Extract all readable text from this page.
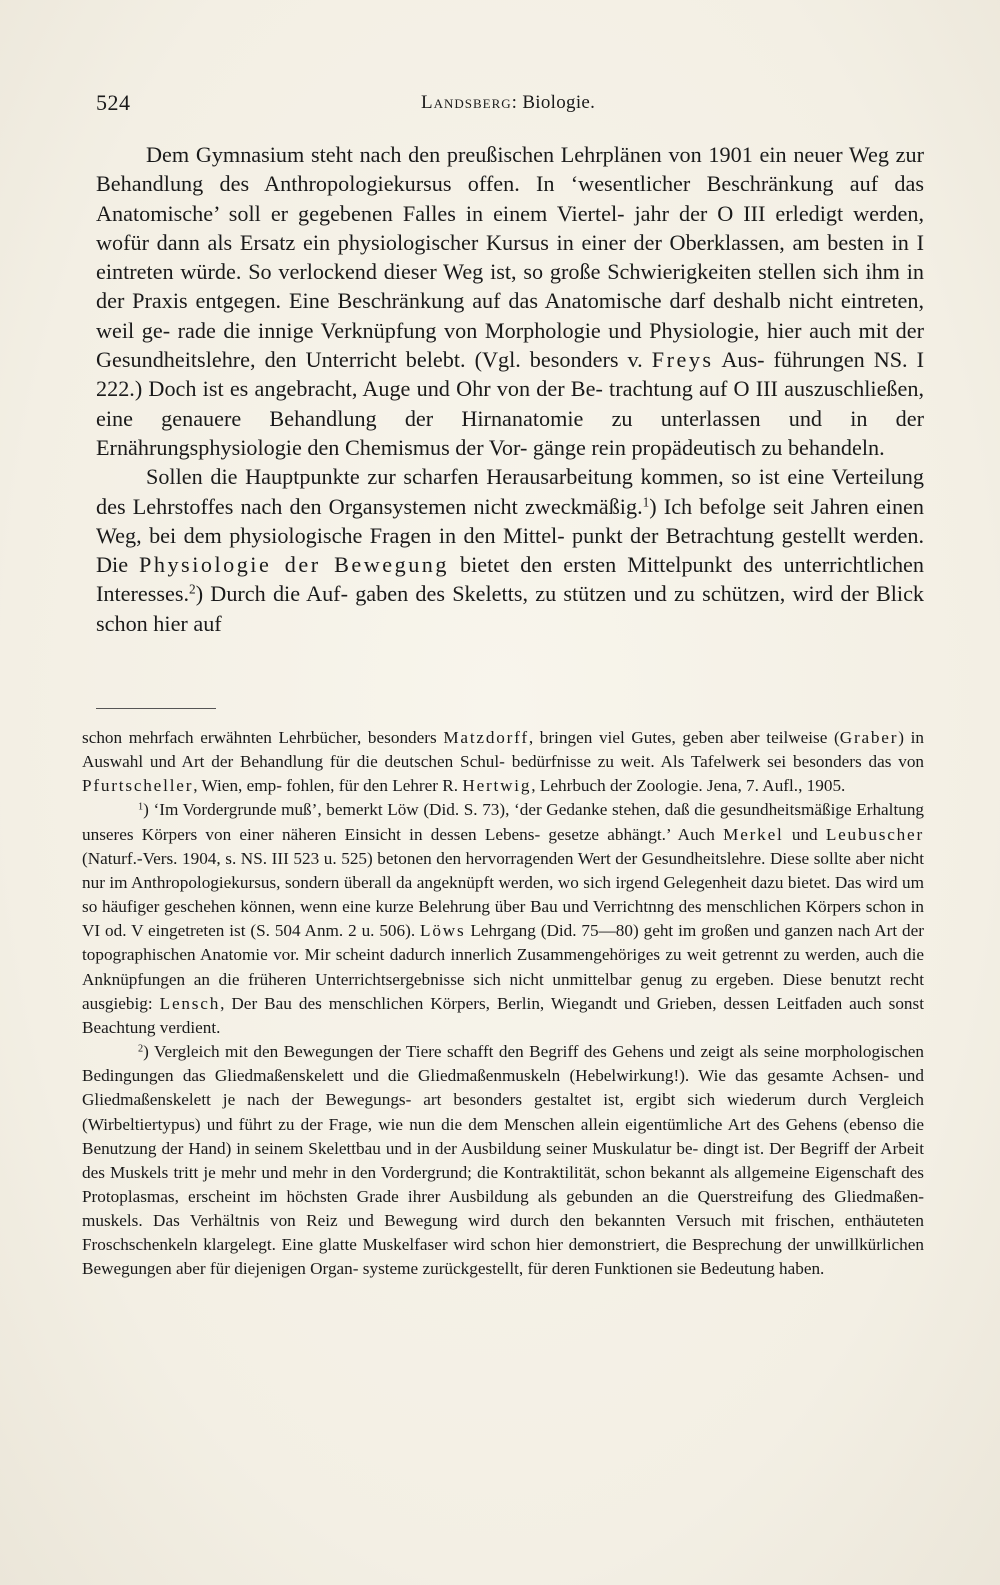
524	Landsberg: Biologie.

Dem Gymnasium steht nach den preußischen Lehrplänen von 1901 ein neuer Weg zur Behandlung des Anthropologiekursus offen. In ‘wesentlicher Beschränkung auf das Anatomische’ soll er gegebenen Falles in einem Viertel- jahr der O III erledigt werden, wofür dann als Ersatz ein physiologischer Kursus in einer der Oberklassen, am besten in I eintreten würde. So verlockend dieser Weg ist, so große Schwierigkeiten stellen sich ihm in der Praxis entgegen. Eine Beschränkung auf das Anatomische darf deshalb nicht eintreten, weil ge- rade die innige Verknüpfung von Morphologie und Physiologie, hier auch mit der Gesundheitslehre, den Unterricht belebt. (Vgl. besonders v. Freys Aus- führungen NS. I 222.) Doch ist es angebracht, Auge und Ohr von der Be- trachtung auf O III auszuschließen, eine genauere Behandlung der Hirnanatomie zu unterlassen und in der Ernährungsphysiologie den Chemismus der Vor- gänge rein propädeutisch zu behandeln.

Sollen die Hauptpunkte zur scharfen Herausarbeitung kommen, so ist eine Verteilung des Lehrstoffes nach den Organsystemen nicht zweckmäßig.$^1$) Ich befolge seit Jahren einen Weg, bei dem physiologische Fragen in den Mittel- punkt der Betrachtung gestellt werden. Die Physiologie der Bewegung bietet den ersten Mittelpunkt des unterrichtlichen Interesses.$^2$) Durch die Auf- gaben des Skeletts, zu stützen und zu schützen, wird der Blick schon hier auf

schon mehrfach erwähnten Lehrbücher, besonders Matzdorff, bringen viel Gutes, geben aber teilweise (Graber) in Auswahl und Art der Behandlung für die deutschen Schul- bedürfnisse zu weit. Als Tafelwerk sei besonders das von Pfurtscheller, Wien, emp- fohlen, für den Lehrer R. Hertwig, Lehrbuch der Zoologie. Jena, 7. Aufl., 1905.

$^1$) ‘Im Vordergrunde muß’, bemerkt Löw (Did. S. 73), ‘der Gedanke stehen, daß die gesundheitsmäßige Erhaltung unseres Körpers von einer näheren Einsicht in dessen Lebens- gesetze abhängt.’ Auch Merkel und Leubuscher (Naturf.-Vers. 1904, s. NS. III 523 u. 525) betonen den hervorragenden Wert der Gesundheitslehre. Diese sollte aber nicht nur im Anthropologiekursus, sondern überall da angeknüpft werden, wo sich irgend Gelegenheit dazu bietet. Das wird um so häufiger geschehen können, wenn eine kurze Belehrung über Bau und Verrichtnng des menschlichen Körpers schon in VI od. V eingetreten ist (S. 504 Anm. 2 u. 506). Löws Lehrgang (Did. 75—80) geht im großen und ganzen nach Art der topographischen Anatomie vor. Mir scheint dadurch innerlich Zusammengehöriges zu weit getrennt zu werden, auch die Anknüpfungen an die früheren Unterrichtsergebnisse sich nicht unmittelbar genug zu ergeben. Diese benutzt recht ausgiebig: Lensch, Der Bau des menschlichen Körpers, Berlin, Wiegandt und Grieben, dessen Leitfaden auch sonst Beachtung verdient.

$^2$) Vergleich mit den Bewegungen der Tiere schafft den Begriff des Gehens und zeigt als seine morphologischen Bedingungen das Gliedmaßenskelett und die Gliedmaßenmuskeln (Hebelwirkung!). Wie das gesamte Achsen- und Gliedmaßenskelett je nach der Bewegungs- art besonders gestaltet ist, ergibt sich wiederum durch Vergleich (Wirbeltiertypus) und führt zu der Frage, wie nun die dem Menschen allein eigentümliche Art des Gehens (ebenso die Benutzung der Hand) in seinem Skelettbau und in der Ausbildung seiner Muskulatur be- dingt ist. Der Begriff der Arbeit des Muskels tritt je mehr und mehr in den Vordergrund; die Kontraktilität, schon bekannt als allgemeine Eigenschaft des Protoplasmas, erscheint im höchsten Grade ihrer Ausbildung als gebunden an die Querstreifung des Gliedmaßen- muskels. Das Verhältnis von Reiz und Bewegung wird durch den bekannten Versuch mit frischen, enthäuteten Froschschenkeln klargelegt. Eine glatte Muskelfaser wird schon hier demonstriert, die Besprechung der unwillkürlichen Bewegungen aber für diejenigen Organ- systeme zurückgestellt, für deren Funktionen sie Bedeutung haben.
